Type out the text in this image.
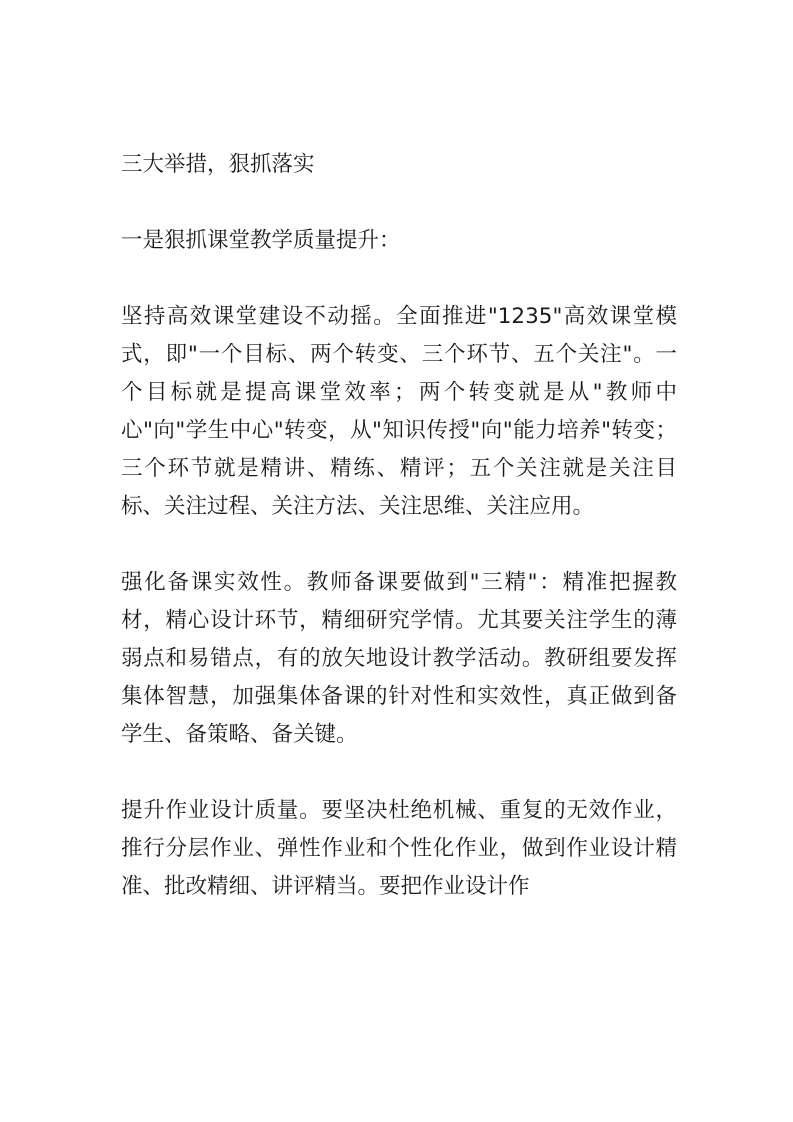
三大举措，狠抓落实

一是狠抓课堂教学质量提升：

坚持高效课堂建设不动摇。全面推进"1235"高效课堂模式，即"一个目标、两个转变、三个环节、五个关注"。一个目标就是提高课堂效率；两个转变就是从"教师中心"向"学生中心"转变，从"知识传授"向"能力培养"转变；三个环节就是精讲、精练、精评；五个关注就是关注目标、关注过程、关注方法、关注思维、关注应用。

强化备课实效性。教师备课要做到"三精"：精准把握教材，精心设计环节，精细研究学情。尤其要关注学生的薄弱点和易错点，有的放矢地设计教学活动。教研组要发挥集体智慧，加强集体备课的针对性和实效性，真正做到备学生、备策略、备关键。

提升作业设计质量。要坚决杜绝机械、重复的无效作业，推行分层作业、弹性作业和个性化作业，做到作业设计精准、批改精细、讲评精当。要把作业设计作
